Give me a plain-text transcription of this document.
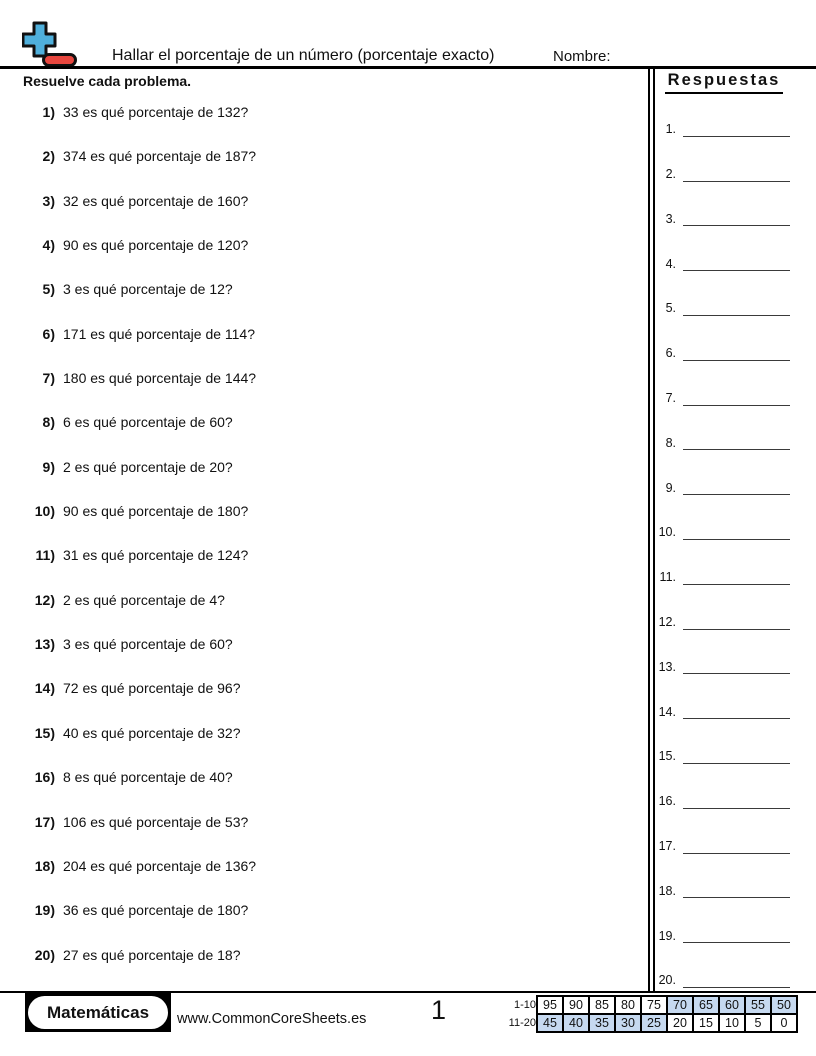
Hallar el porcentaje de un número (porcentaje exacto)	Nombre:
Resuelve cada problema.
1) 33 es qué porcentaje de 132?
2) 374 es qué porcentaje de 187?
3) 32 es qué porcentaje de 160?
4) 90 es qué porcentaje de 120?
5) 3 es qué porcentaje de 12?
6) 171 es qué porcentaje de 114?
7) 180 es qué porcentaje de 144?
8) 6 es qué porcentaje de 60?
9) 2 es qué porcentaje de 20?
10) 90 es qué porcentaje de 180?
11) 31 es qué porcentaje de 124?
12) 2 es qué porcentaje de 4?
13) 3 es qué porcentaje de 60?
14) 72 es qué porcentaje de 96?
15) 40 es qué porcentaje de 32?
16) 8 es qué porcentaje de 40?
17) 106 es qué porcentaje de 53?
18) 204 es qué porcentaje de 136?
19) 36 es qué porcentaje de 180?
20) 27 es qué porcentaje de 18?
Respuestas
1.
2.
3.
4.
5.
6.
7.
8.
9.
10.
11.
12.
13.
14.
15.
16.
17.
18.
19.
20.
Matemáticas	www.CommonCoreSheets.es 1	1-10	95	90	85	80	75	70	65	60	55	50
11-20	45	40	35	30	25	20	15	10	5	0
